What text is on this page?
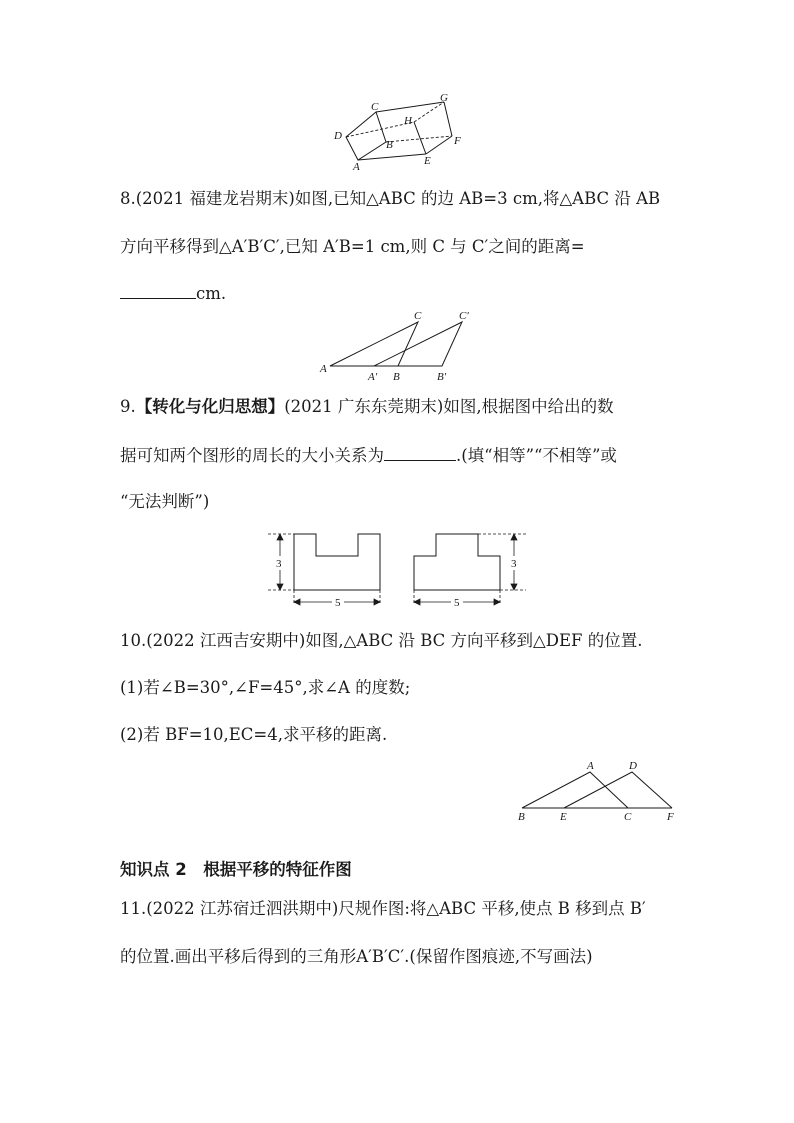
C
G
D
H
B
A	E
F
8.(2021 福建龙岩期末)如图,已知△ABC 的边 AB=3 cm,将△ABC 沿 AB
方向平移得到△A′B′C′,已知 A′B=1 cm,则 C 与 C′之间的距离=
cm.
C	C′
A
A′ B	B′
9.【转化与化归思想】(2021 广东东莞期末)如图,根据图中给出的数
据可知两个图形的周长的大小关系为	.(填“相等”“不相等”或
“无法判断”)
3
5
3
5
10.(2022 江西吉安期中)如图,△ABC 沿 BC 方向平移到△DEF 的位置.
(1)若∠B=30°,∠F=45°,求∠A 的度数;
(2)若 BF=10,EC=4,求平移的距离.
A	D
B	E	C	F
知识点 2　根据平移的特征作图
11.(2022 江苏宿迁泗洪期中)尺规作图:将△ABC 平移,使点 B 移到点 B′
的位置.画出平移后得到的三角形A′B′C′.(保留作图痕迹,不写画法)
